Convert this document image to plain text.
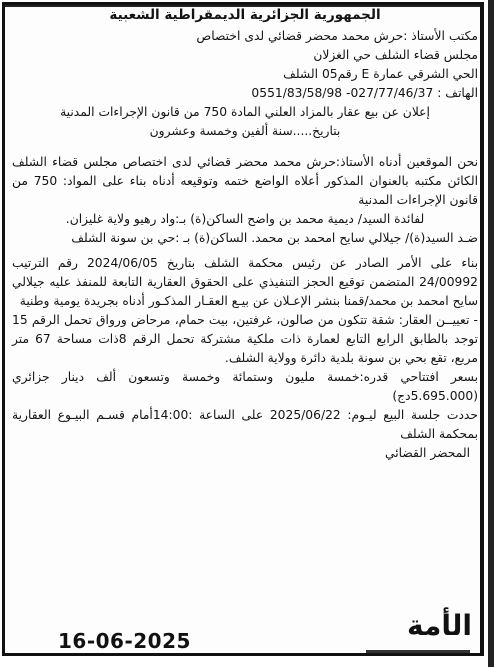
الجمهورية الجزائرية الديمقراطية الشعبية
مكتب الأستاذ :حرش محمد محضر قضائي لدى اختصاص
مجلس قضاء الشلف حي الغزلان
الحي الشرقي عمارة E رقم05 الشلف
الهاتف : 027/77/46/37- 0551/83/58/98
إعلان عن بيع عقار بالمزاد العلني المادة 750 من قانون الإجراءات المدنية
بتاريخ.....سنة ألفين وخمسة وعشرون
نحن الموقعين أدناه الأستاذ:حرش محمد محضر قضائي لدى اختصاص مجلس قضاء الشلف الكائن مكتبه بالعنوان المذكور أعلاه الواضع ختمه وتوقيعه أدناه بناء على المواد: 750 من قانون الإجراءات المدنية
لفائدة السيد/ ديمية محمد بن واضح الساكن(ة) بـ:واد رهيو ولاية غليزان.
ضـد السيد(ة)/ جيلالي سايح امحمد بن محمد. الساكن(ة) بـ :حي بن سونة الشلف
بناء على الأمر الصادر عن رئيس محكمة الشلف بتاريخ 2024/06/05 رقم الترتيب 24/00992 المتضمن توقيع الحجز التنفيذي على الحقوق العقارية التابعة للمنفذ عليه جيلالي سايح امحمد بن محمد/قمنا بنشر الإعـلان عن بيـع العقـار المذكـور أدناه بجريدة يومية وطنية
- تعييــن العقار: شقة تتكون من صالون، غرفتين، بيت حمام، مرحاض ورواق تحمل الرقم 15 توجد بالطابق الرابع التابع لعمارة ذات ملكية مشتركة تحمل الرقم 8ذات مساحة 67 متر مربع، تقع بحي بن سونة بلدية دائرة وولاية الشلف.
بسعر افتتاحي قدره:خمسة مليون وستمائة وخمسة وتسعون ألف دينار جزائري (5.695.000دج)
حددت جلسة البيع ليـوم: 2025/06/22 على الساعة :14:00أمام قسـم البيـوع العقارية بمحكمة الشلف
المحضر القضائي
16-06-2025	الأمة
